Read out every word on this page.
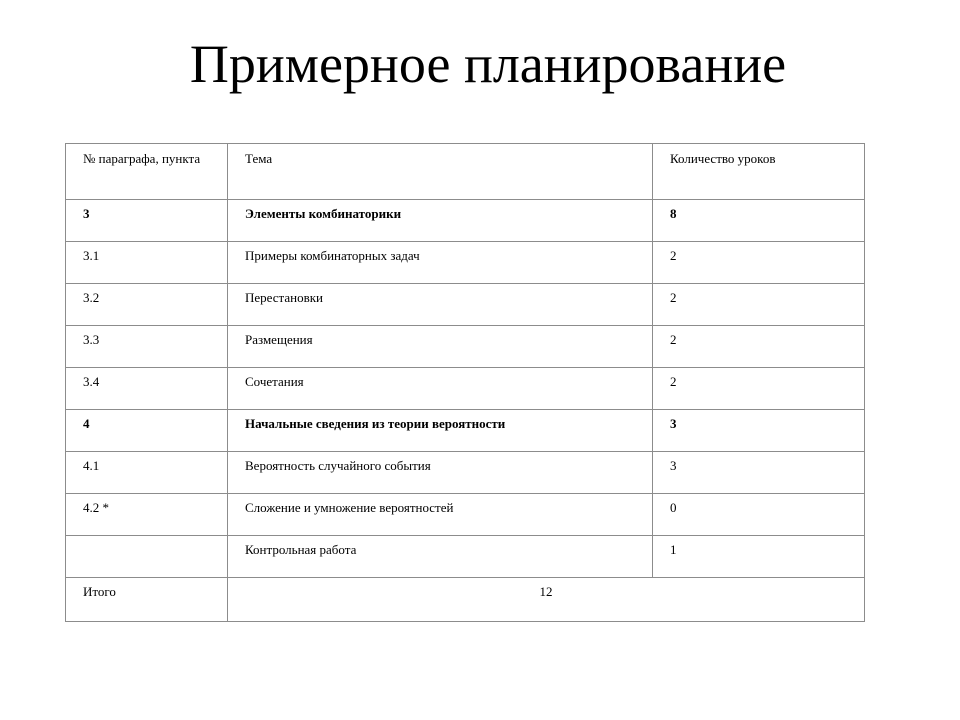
Примерное планирование
№ параграфа, пункта	Тема	Количество уроков
3	Элементы комбинаторики	8
3.1	Примеры комбинаторных задач	2
3.2	Перестановки	2
3.3	Размещения	2
3.4	Сочетания	2
4	Начальные сведения из теории вероятности	3
4.1	Вероятность случайного события	3
4.2 *	Сложение и умножение вероятностей	0
	Контрольная работа	1
Итого	12	
